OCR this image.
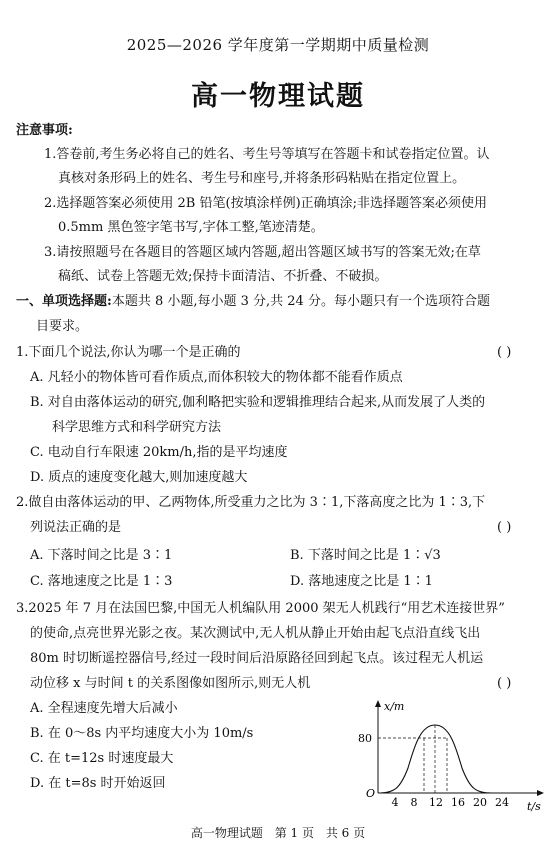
2025—2026 学年度第一学期期中质量检测
高一物理试题
注意事项:
1.答卷前,考生务必将自己的姓名、考生号等填写在答题卡和试卷指定位置。认
真核对条形码上的姓名、考生号和座号,并将条形码粘贴在指定位置上。
2.选择题答案必须使用 2B 铅笔(按填涂样例)正确填涂;非选择题答案必须使用
0.5mm 黑色签字笔书写,字体工整,笔迹清楚。
3.请按照题号在各题目的答题区域内答题,超出答题区域书写的答案无效;在草
稿纸、试卷上答题无效;保持卡面清洁、不折叠、不破损。
一、单项选择题:本题共 8 小题,每小题 3 分,共 24 分。每小题只有一个选项符合题
目要求。
1.下面几个说法,你认为哪一个是正确的	( )
A. 凡轻小的物体皆可看作质点,而体积较大的物体都不能看作质点
B. 对自由落体运动的研究,伽利略把实验和逻辑推理结合起来,从而发展了人类的
科学思维方式和科学研究方法
C. 电动自行车限速 20km/h,指的是平均速度
D. 质点的速度变化越大,则加速度越大
2.做自由落体运动的甲、乙两物体,所受重力之比为 3∶1,下落高度之比为 1∶3,下
列说法正确的是	( )
A. 下落时间之比是 3∶1	B. 下落时间之比是 1∶√3
C. 落地速度之比是 1∶3	D. 落地速度之比是 1∶1
3.2025 年 7 月在法国巴黎,中国无人机编队用 2000 架无人机践行“用艺术连接世界”
的使命,点亮世界光影之夜。某次测试中,无人机从静止开始由起飞点沿直线飞出
80m 时切断遥控器信号,经过一段时间后沿原路径回到起飞点。该过程无人机运
动位移 x 与时间 t 的关系图像如图所示,则无人机	( )
A. 全程速度先增大后减小
B. 在 0～8s 内平均速度大小为 10m/s
C. 在 t=12s 时速度最大
D. 在 t=8s 时开始返回
x/m
t/s
O
80
4 8 12 16 20 24
高一物理试题 第 1 页 共 6 页
